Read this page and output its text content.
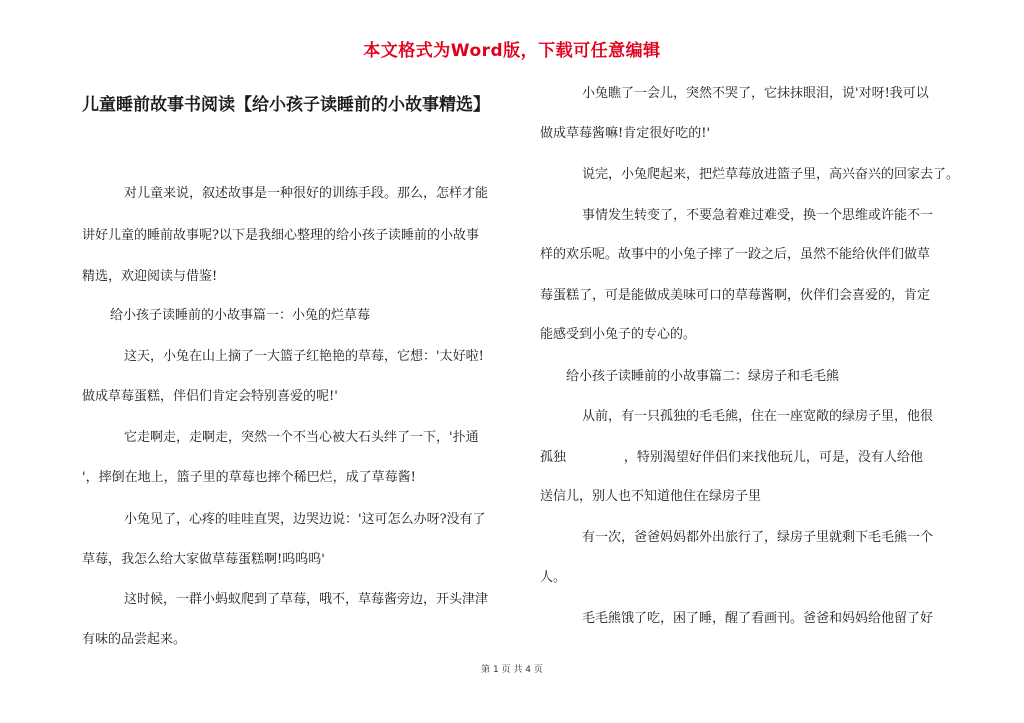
本文格式为Word版，下载可任意编辑
儿童睡前故事书阅读【给小孩子读睡前的小故事精选】
对儿童来说，叙述故事是一种很好的训练手段。那么，怎样才能
讲好儿童的睡前故事呢?以下是我细心整理的给小孩子读睡前的小故事
精选，欢迎阅读与借鉴!
给小孩子读睡前的小故事篇一：小兔的烂草莓
这天，小兔在山上摘了一大篮子红艳艳的草莓，它想：'太好啦!
做成草莓蛋糕，伴侣们肯定会特别喜爱的呢!'
它走啊走，走啊走，突然一个不当心被大石头绊了一下，'扑通
'，摔倒在地上，篮子里的草莓也摔个稀巴烂，成了草莓酱!
小兔见了，心疼的哇哇直哭，边哭边说：'这可怎么办呀?没有了
草莓，我怎么给大家做草莓蛋糕啊!呜呜呜'
这时候，一群小蚂蚁爬到了草莓，哦不，草莓酱旁边，开头津津
有味的品尝起来。
小兔瞧了一会儿，突然不哭了，它抹抹眼泪，说'对呀!我可以
做成草莓酱嘛!肯定很好吃的!'
说完，小兔爬起来，把烂草莓放进篮子里，高兴奋兴的回家去了。
事情发生转变了，不要急着难过难受，换一个思维或许能不一
样的欢乐呢。故事中的小兔子摔了一跤之后，虽然不能给伙伴们做草
莓蛋糕了，可是能做成美味可口的草莓酱啊，伙伴们会喜爱的，肯定
能感受到小兔子的专心的。
给小孩子读睡前的小故事篇二：绿房子和毛毛熊
从前，有一只孤独的毛毛熊，住在一座宽敞的绿房子里，他很
孤独              ，特别渴望好伴侣们来找他玩儿，可是，没有人给他
送信儿，别人也不知道他住在绿房子里
有一次，爸爸妈妈都外出旅行了，绿房子里就剩下毛毛熊一个
人。
毛毛熊饿了吃，困了睡，醒了看画刊。爸爸和妈妈给他留了好
第 1 页 共 4 页
